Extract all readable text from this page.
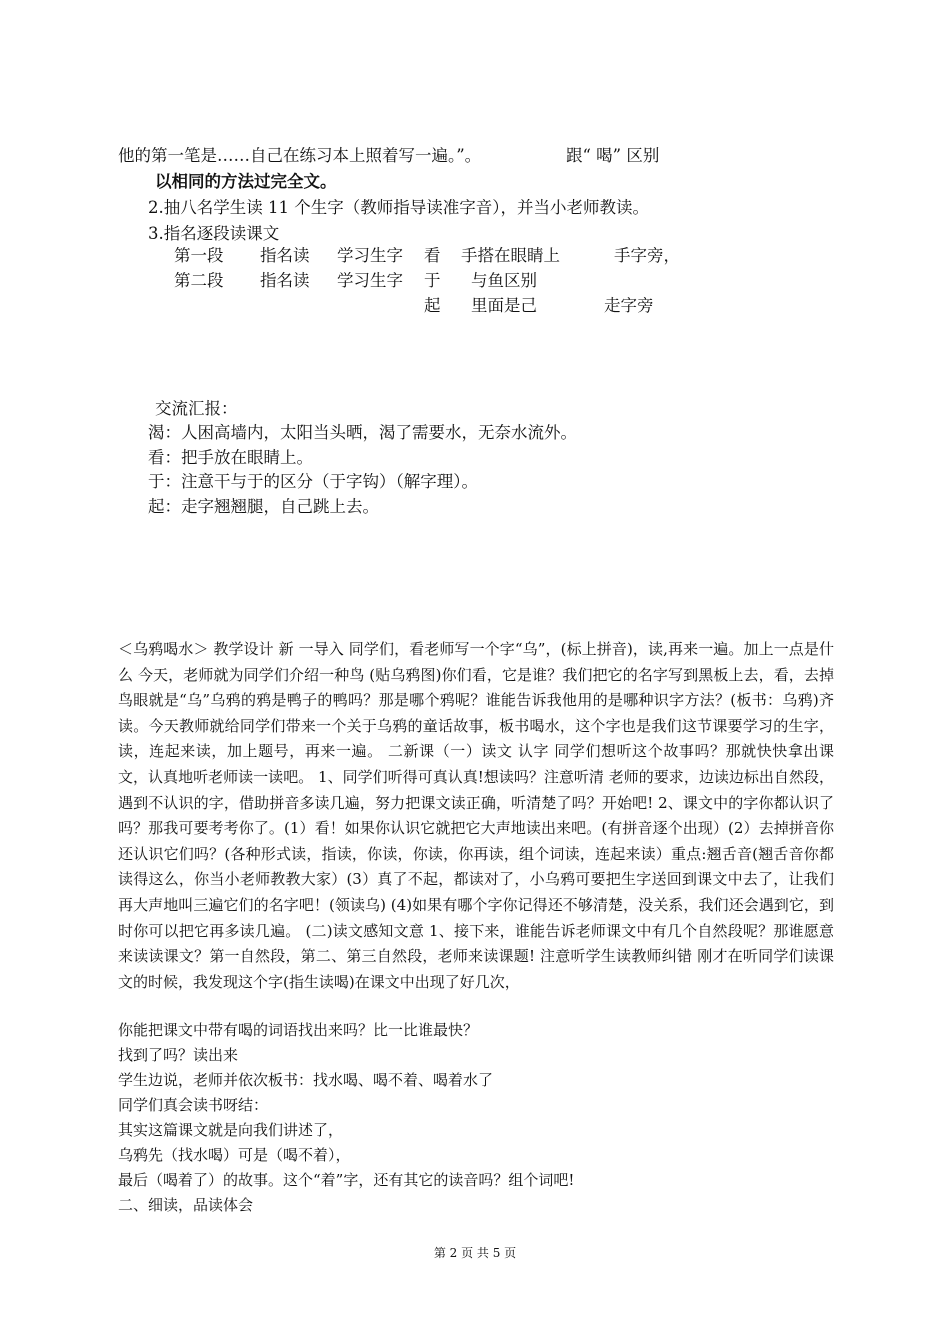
他的第一笔是……自己在练习本上照着写一遍。”。	跟“ 喝” 区别
以相同的方法过完全文。
2.抽八名学生读 11 个生字（教师指导读准字音），并当小老师教读。
3.指名逐段读课文
第一段 指名读 学习生字 看 手搭在眼睛上	手字旁，
第二段 指名读 学习生字 于 与鱼区别
起 里面是己	走字旁
交流汇报：
渴：人困高墙内，太阳当头晒，渴了需要水，无奈水流外。
看：把手放在眼睛上。
于：注意干与于的区分（于字钩）（解字理）。
起：走字翘翘腿，自己跳上去。
＜乌鸦喝水＞ 教学设计 新 一导入 同学们，看老师写一个字“乌”，(标上拼音)，读,再来一遍。加上一点是什么 今天，老师就为同学们介绍一种鸟 (贴乌鸦图)你们看，它是谁？我们把它的名字写到黑板上去，看，去掉鸟眼就是“乌”乌鸦的鸦是鸭子的鸭吗？那是哪个鸦呢？谁能告诉我他用的是哪种识字方法？(板书：乌鸦)齐读。今天教师就给同学们带来一个关于乌鸦的童话故事，板书喝水，这个字也是我们这节课要学习的生字，读，连起来读，加上题号，再来一遍。 二新课（一）读文 认字 同学们想听这个故事吗？那就快快拿出课文，认真地听老师读一读吧。 1、同学们听得可真认真!想读吗？注意听清 老师的要求，边读边标出自然段，遇到不认识的字，借助拼音多读几遍，努力把课文读正确，听清楚了吗？开始吧! 2、课文中的字你都认识了吗？那我可要考考你了。(1）看！如果你认识它就把它大声地读出来吧。(有拼音逐个出现）(2）去掉拼音你还认识它们吗？(各种形式读，指读，你读，你读，你再读，组个词读，连起来读）重点:翘舌音(翘舌音你都读得这么，你当小老师教教大家）(3）真了不起，都读对了，小乌鸦可要把生字送回到课文中去了，让我们再大声地叫三遍它们的名字吧！(领读乌) (4)如果有哪个字你记得还不够清楚，没关系，我们还会遇到它，到时你可以把它再多读几遍。 (二)读文感知文意 1、接下来，谁能告诉老师课文中有几个自然段呢？那谁愿意来读读课文？第一自然段，第二、第三自然段，老师来读课题! 注意听学生读教师纠错 刚才在听同学们读课文的时候，我发现这个字(指生读喝)在课文中出现了好几次，
你能把课文中带有喝的词语找出来吗？比一比谁最快？
找到了吗？读出来
学生边说，老师并依次板书：找水喝、喝不着、喝着水了
同学们真会读书呀结：
其实这篇课文就是向我们讲述了，
乌鸦先（找水喝）可是（喝不着），
最后（喝着了）的故事。这个“着”字，还有其它的读音吗？组个词吧!
二、细读，品读体会
第 2 页 共 5 页
